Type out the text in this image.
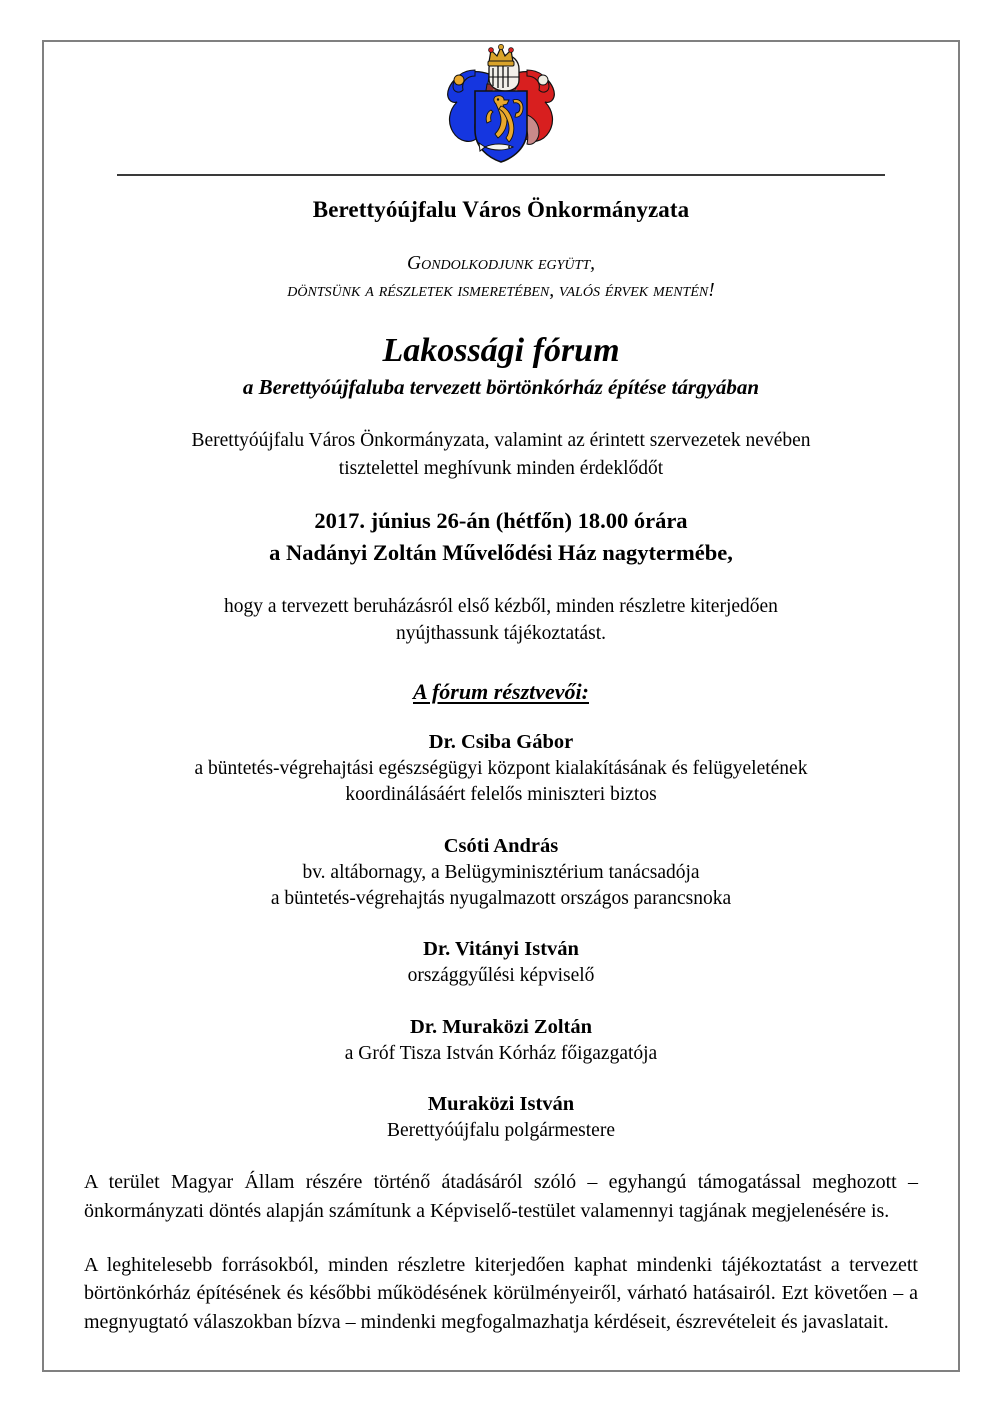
Berettyóújfalu Város Önkormányzata
Gondolkodjunk együtt,
döntsünk a részletek ismeretében, valós érvek mentén!
Lakossági fórum
a Berettyóújfaluba tervezett börtönkórház építése tárgyában
Berettyóújfalu Város Önkormányzata, valamint az érintett szervezetek nevében
tisztelettel meghívunk minden érdeklődőt
2017. június 26-án (hétfőn) 18.00 órára
a Nadányi Zoltán Művelődési Ház nagytermébe,
hogy a tervezett beruházásról első kézből, minden részletre kiterjedően
nyújthassunk tájékoztatást.
A fórum résztvevői:
Dr. Csiba Gábor
a büntetés-végrehajtási egészségügyi központ kialakításának és felügyeletének
koordinálásáért felelős miniszteri biztos
Csóti András
bv. altábornagy, a Belügyminisztérium tanácsadója
a büntetés-végrehajtás nyugalmazott országos parancsnoka
Dr. Vitányi István
országgyűlési képviselő
Dr. Muraközi Zoltán
a Gróf Tisza István Kórház főigazgatója
Muraközi István
Berettyóújfalu polgármestere
A terület Magyar Állam részére történő átadásáról szóló – egyhangú támogatással meghozott – önkormányzati döntés alapján számítunk a Képviselő-testület valamennyi tagjának megjelenésére is.
A leghitelesebb forrásokból, minden részletre kiterjedően kaphat mindenki tájékoztatást a tervezett börtönkórház építésének és későbbi működésének körülményeiről, várható hatásairól. Ezt követően – a megnyugtató válaszokban bízva – mindenki megfogalmazhatja kérdéseit, észrevételeit és javaslatait.
